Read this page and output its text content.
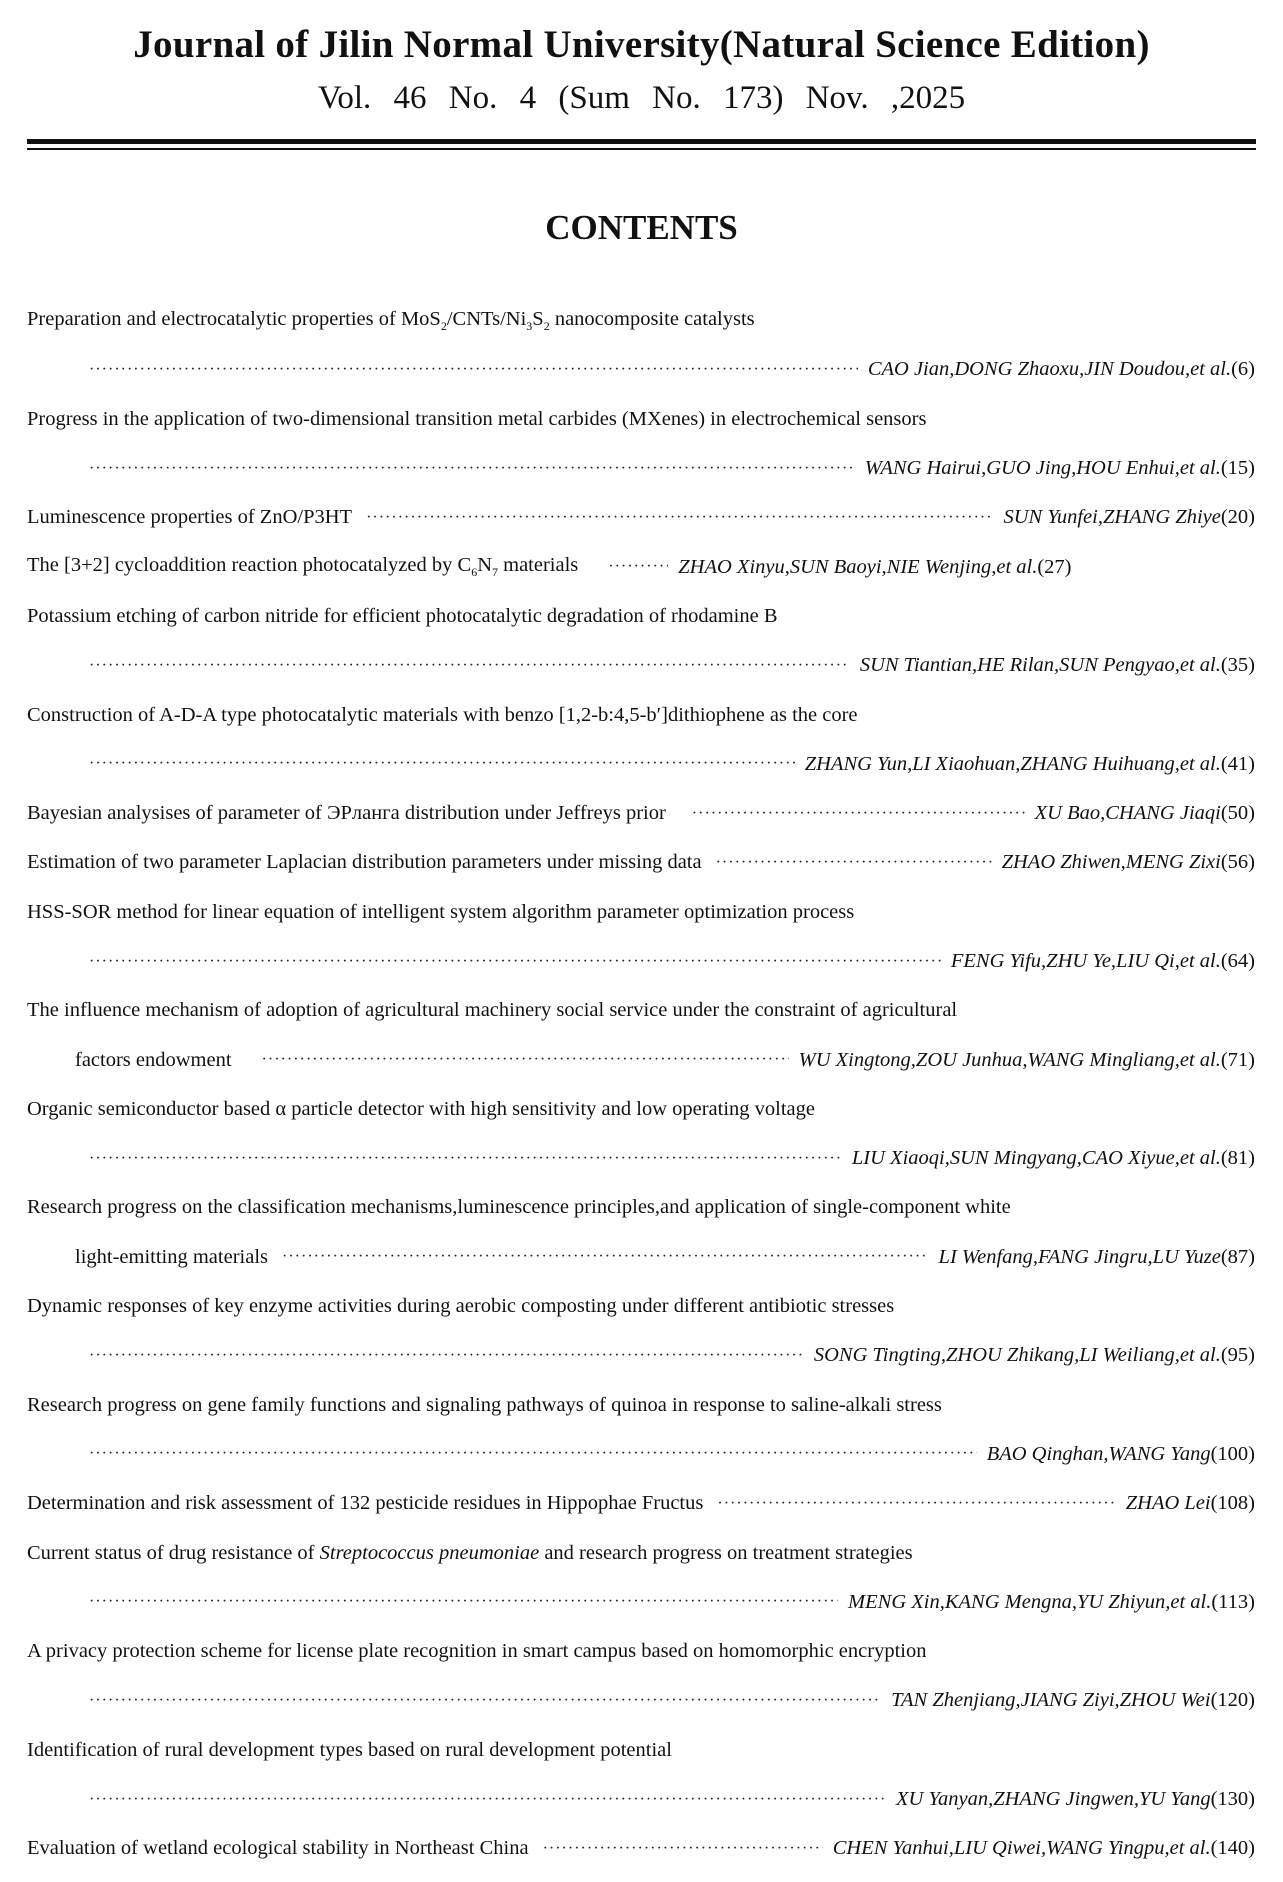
Journal of Jilin Normal University(Natural Science Edition)
Vol. 46 No. 4 (Sum No. 173) Nov. ,2025
CONTENTS
Preparation and electrocatalytic properties of $MoS_2/CNTs/Ni_3S_2$ nanocomposite catalysts
·····
CAO Jian,DONG Zhaoxu,JIN Doudou,et al. (6)
Progress in the application of two-dimensional transition metal carbides (MXenes) in electrochemical sensors
·····
WANG Hairui,GUO Jing,HOU Enhui,et al. (15)
Luminescence properties of ZnO/P3HT ·····	SUN Yunfei,ZHANG Zhiye (20)
The [3+2] cycloaddition reaction photocatalyzed by $C_6N_7$ materials ·····	ZHAO Xinyu,SUN Baoyi,NIE Wenjing,et al. (27)
Potassium etching of carbon nitride for efficient photocatalytic degradation of rhodamine B
·····
SUN Tiantian,HE Rilan,SUN Pengyao,et al. (35)
Construction of A-D-A type photocatalytic materials with benzo [1,2-b:4,5-b′]dithiophene as the core
·····
ZHANG Yun,LI Xiaohuan,ZHANG Huihuang,et al. (41)
Bayesian analysises of parameter of ЭРланга distribution under Jeffreys prior ·····	XU Bao,CHANG Jiaqi (50)
Estimation of two parameter Laplacian distribution parameters under missing data ·····	ZHAO Zhiwen,MENG Zixi (56)
HSS-SOR method for linear equation of intelligent system algorithm parameter optimization process
·····
FENG Yifu,ZHU Ye,LIU Qi,et al. (64)
The influence mechanism of adoption of agricultural machinery social service under the constraint of agricultural
factors endowment ·····	WU Xingtong,ZOU Junhua,WANG Mingliang,et al. (71)
Organic semiconductor based α particle detector with high sensitivity and low operating voltage
·····
LIU Xiaoqi,SUN Mingyang,CAO Xiyue,et al. (81)
Research progress on the classification mechanisms,luminescence principles,and application of single-component white
light-emitting materials ·····	LI Wenfang,FANG Jingru,LU Yuze (87)
Dynamic responses of key enzyme activities during aerobic composting under different antibiotic stresses
·····
SONG Tingting,ZHOU Zhikang,LI Weiliang,et al. (95)
Research progress on gene family functions and signaling pathways of quinoa in response to saline-alkali stress
·····
BAO Qinghan,WANG Yang (100)
Determination and risk assessment of 132 pesticide residues in Hippophae Fructus ·····	ZHAO Lei (108)
Current status of drug resistance of Streptococcus pneumoniae and research progress on treatment strategies
·····
MENG Xin,KANG Mengna,YU Zhiyun,et al. (113)
A privacy protection scheme for license plate recognition in smart campus based on homomorphic encryption
·····
TAN Zhenjiang,JIANG Ziyi,ZHOU Wei (120)
Identification of rural development types based on rural development potential
·····
XU Yanyan,ZHANG Jingwen,YU Yang (130)
Evaluation of wetland ecological stability in Northeast China ·····	CHEN Yanhui,LIU Qiwei,WANG Yingpu,et al. (140)
